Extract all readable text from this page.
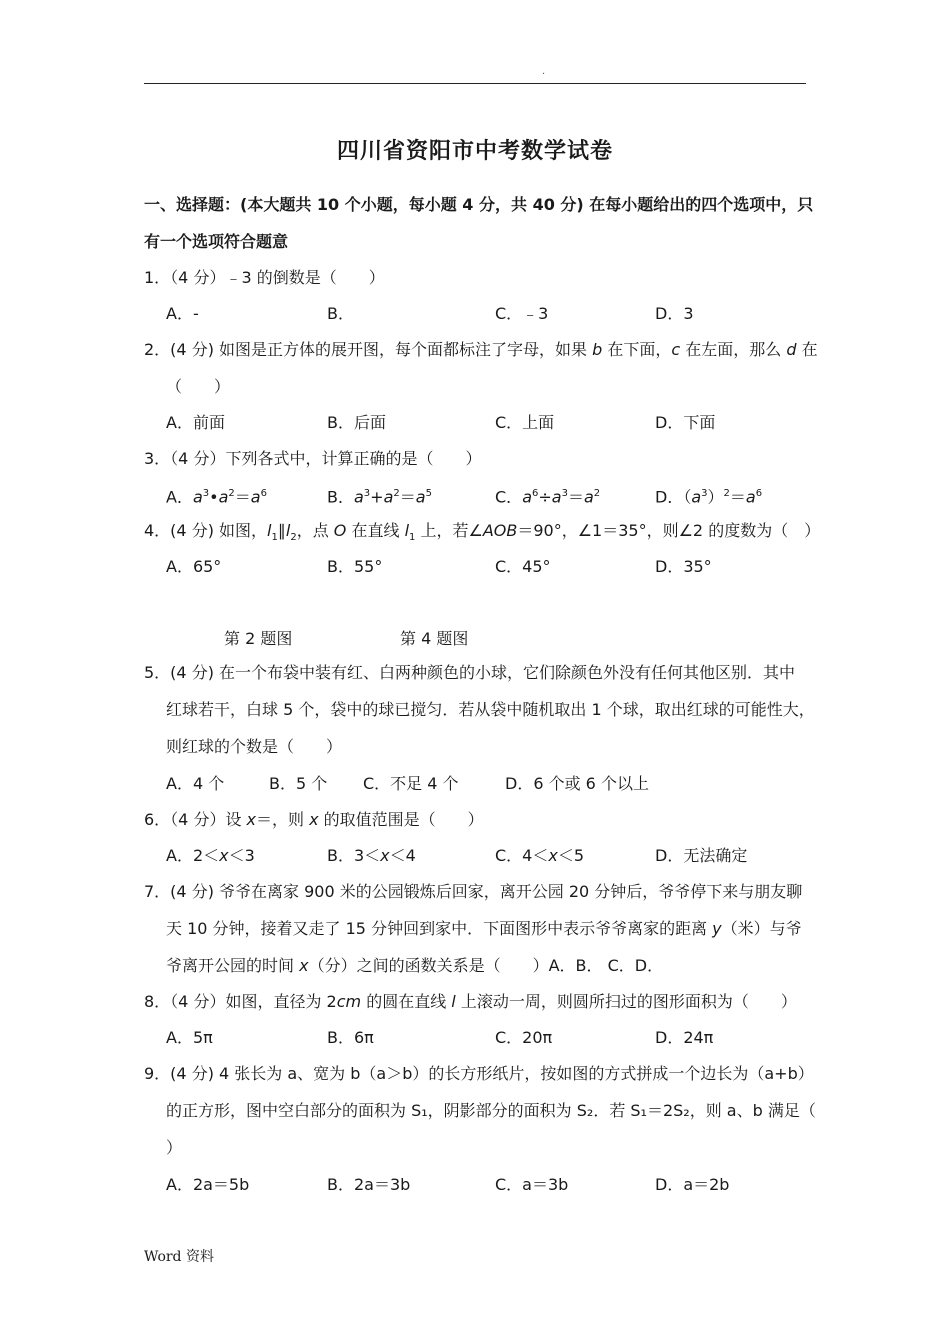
.
四川省资阳市中考数学试卷
一、选择题：(本大题共 10 个小题，每小题 4 分，共 40 分) 在每小题给出的四个选项中，只
有一个选项符合题意
1．（4 分）﹣3 的倒数是（　　）
A．-	B．	C．﹣3	D．3
2．(4 分) 如图是正方体的展开图，每个面都标注了字母，如果 b 在下面，c 在左面，那么 d 在
（　　）
A．前面	B．后面	C．上面	D．下面
3．（4 分）下列各式中，计算正确的是（　　）
A．$a^3•a^2=a^6$	B．$a^3+a^2=a^5$	C．$a^6\div a^3=a^2$	D．$(a^3)^2=a^6$
4．(4 分) 如图，$l_1\parallel l_2$，点 O 在直线 $l_1$ 上，若∠AOB＝90°，∠1＝35°，则∠2 的度数为（　）
A．65°	B．55°	C．45°	D．35°
第 2 题图	第 4 题图
5．(4 分) 在一个布袋中装有红、白两种颜色的小球，它们除颜色外没有任何其他区别．其中
红球若干，白球 5 个，袋中的球已搅匀．若从袋中随机取出 1 个球，取出红球的可能性大，
则红球的个数是（　　）
A．4 个	B．5 个 C．不足 4 个	D．6 个或 6 个以上
6．（4 分）设 x＝，则 x 的取值范围是（　　）
A．2＜x＜3	B．3＜x＜4	C．4＜x＜5	D．无法确定
7．(4 分) 爷爷在离家 900 米的公园锻炼后回家，离开公园 20 分钟后，爷爷停下来与朋友聊
天 10 分钟，接着又走了 15 分钟回到家中．下面图形中表示爷爷离家的距离 y（米）与爷
爷离开公园的时间 x（分）之间的函数关系是（　　）A．B． C．D．
8．（4 分）如图，直径为 2cm 的圆在直线 l 上滚动一周，则圆所扫过的图形面积为（　　）
A．5π	B．6π	C．20π	D．24π
9．(4 分) 4 张长为 a、宽为 b（a＞b）的长方形纸片，按如图的方式拼成一个边长为（a+b）
的正方形，图中空白部分的面积为 S₁，阴影部分的面积为 S₂．若 S₁＝2S₂，则 a、b 满足（
）
A．2a＝5b	B．2a＝3b	C．a＝3b	D．a＝2b
Word 资料
